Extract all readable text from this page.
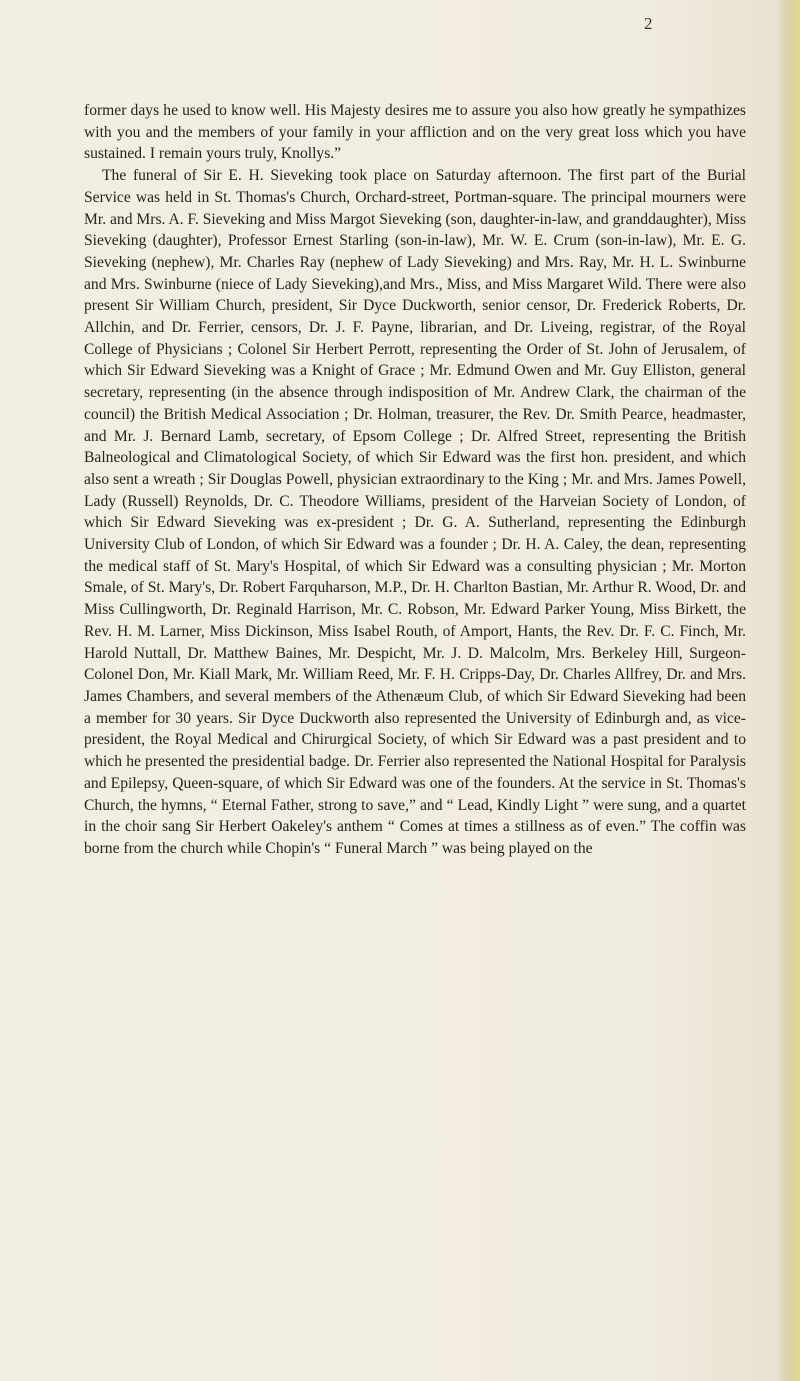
2

former days he used to know well. His Majesty desires me to assure you also how greatly he sympathizes with you and the members of your family in your affliction and on the very great loss which you have sustained. I remain yours truly, Knollys.”

The funeral of Sir E. H. Sieveking took place on Saturday afternoon. The first part of the Burial Service was held in St. Thomas's Church, Orchard-street, Portman-square. The principal mourners were Mr. and Mrs. A. F. Sieveking and Miss Margot Sieveking (son, daughter-in-law, and granddaughter), Miss Sieveking (daughter), Professor Ernest Starling (son-in-law), Mr. W. E. Crum (son-in-law), Mr. E. G. Sieveking (nephew), Mr. Charles Ray (nephew of Lady Sieveking) and Mrs. Ray, Mr. H. L. Swinburne and Mrs. Swinburne (niece of Lady Sieveking),and Mrs., Miss, and Miss Margaret Wild. There were also present Sir William Church, president, Sir Dyce Duckworth, senior censor, Dr. Frederick Roberts, Dr. Allchin, and Dr. Ferrier, censors, Dr. J. F. Payne, librarian, and Dr. Liveing, registrar, of the Royal College of Physicians ; Colonel Sir Herbert Perrott, representing the Order of St. John of Jerusalem, of which Sir Edward Sieveking was a Knight of Grace ; Mr. Edmund Owen and Mr. Guy Elliston, general secretary, representing (in the absence through indisposition of Mr. Andrew Clark, the chairman of the council) the British Medical Association ; Dr. Holman, treasurer, the Rev. Dr. Smith Pearce, headmaster, and Mr. J. Bernard Lamb, secretary, of Epsom College ; Dr. Alfred Street, representing the British Balneological and Climatological Society, of which Sir Edward was the first hon. president, and which also sent a wreath ; Sir Douglas Powell, physician extraordinary to the King ; Mr. and Mrs. James Powell, Lady (Russell) Reynolds, Dr. C. Theodore Williams, president of the Harveian Society of London, of which Sir Edward Sieveking was ex-president ; Dr. G. A. Sutherland, representing the Edinburgh University Club of London, of which Sir Edward was a founder ; Dr. H. A. Caley, the dean, representing the medical staff of St. Mary's Hospital, of which Sir Edward was a consulting physician ; Mr. Morton Smale, of St. Mary's, Dr. Robert Farquharson, M.P., Dr. H. Charlton Bastian, Mr. Arthur R. Wood, Dr. and Miss Cullingworth, Dr. Reginald Harrison, Mr. C. Robson, Mr. Edward Parker Young, Miss Birkett, the Rev. H. M. Larner, Miss Dickinson, Miss Isabel Routh, of Amport, Hants, the Rev. Dr. F. C. Finch, Mr. Harold Nuttall, Dr. Matthew Baines, Mr. Despicht, Mr. J. D. Malcolm, Mrs. Berkeley Hill, Surgeon-Colonel Don, Mr. Kiall Mark, Mr. William Reed, Mr. F. H. Cripps-Day, Dr. Charles Allfrey, Dr. and Mrs. James Chambers, and several members of the Athenæum Club, of which Sir Edward Sieveking had been a member for 30 years. Sir Dyce Duckworth also represented the University of Edinburgh and, as vice-president, the Royal Medical and Chirurgical Society, of which Sir Edward was a past president and to which he presented the presidential badge. Dr. Ferrier also represented the National Hospital for Paralysis and Epilepsy, Queen-square, of which Sir Edward was one of the founders. At the service in St. Thomas's Church, the hymns, “ Eternal Father, strong to save,” and “ Lead, Kindly Light ” were sung, and a quartet in the choir sang Sir Herbert Oakeley's anthem “ Comes at times a stillness as of even.” The coffin was borne from the church while Chopin's “ Funeral March ” was being played on the
